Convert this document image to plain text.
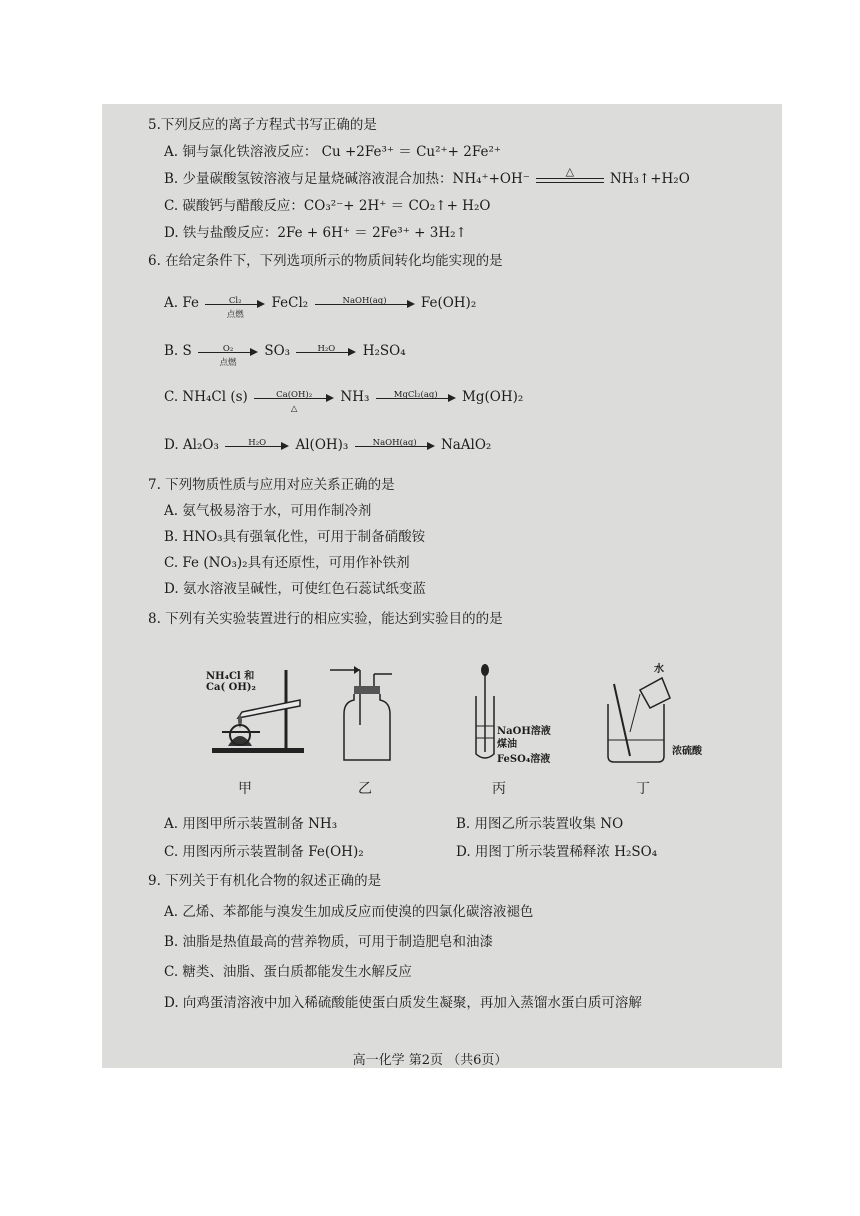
5.下列反应的离子方程式书写正确的是
A. 铜与氯化铁溶液反应： Cu +2Fe³⁺ ＝ Cu²⁺+ 2Fe²⁺
B. 少量碳酸氢铵溶液与足量烧碱溶液混合加热：NH₄⁺+OH⁻	△	NH₃↑+H₂O
C. 碳酸钙与醋酸反应：CO₃²⁻+ 2H⁺ ＝ CO₂↑+ H₂O
D. 铁与盐酸反应：2Fe + 6H⁺ ＝ 2Fe³⁺ + 3H₂↑
6. 在给定条件下，下列选项所示的物质间转化均能实现的是
A. Fe	Cl₂
点燃
FeCl₂	NaOH(aq)	Fe(OH)₂
B. S	O₂
点燃
SO₃	H₂O	H₂SO₄
C. NH₄Cl (s)	Ca(OH)₂
△
NH₃	MgCl₂(aq)	Mg(OH)₂
D. Al₂O₃	H₂O	Al(OH)₃	NaOH(aq)	NaAlO₂
7. 下列物质性质与应用对应关系正确的是
A. 氨气极易溶于水，可用作制冷剂
B. HNO₃具有强氧化性，可用于制备硝酸铵
C. Fe (NO₃)₂具有还原性，可用作补铁剂
D. 氨水溶液呈碱性，可使红色石蕊试纸变蓝
8. 下列有关实验装置进行的相应实验，能达到实验目的的是
NH₄Cl 和
Ca( OH)₂
NaOH溶液
煤油
FeSO₄溶液
水
浓硫酸
甲	乙	丙	丁
A. 用图甲所示装置制备 NH₃	B. 用图乙所示装置收集 NO
C. 用图丙所示装置制备 Fe(OH)₂	D. 用图丁所示装置稀释浓 H₂SO₄
9. 下列关于有机化合物的叙述正确的是
A. 乙烯、苯都能与溴发生加成反应而使溴的四氯化碳溶液褪色
B. 油脂是热值最高的营养物质，可用于制造肥皂和油漆
C. 糖类、油脂、蛋白质都能发生水解反应
D. 向鸡蛋清溶液中加入稀硫酸能使蛋白质发生凝聚，再加入蒸馏水蛋白质可溶解
高一化学 第2页 （共6页）
